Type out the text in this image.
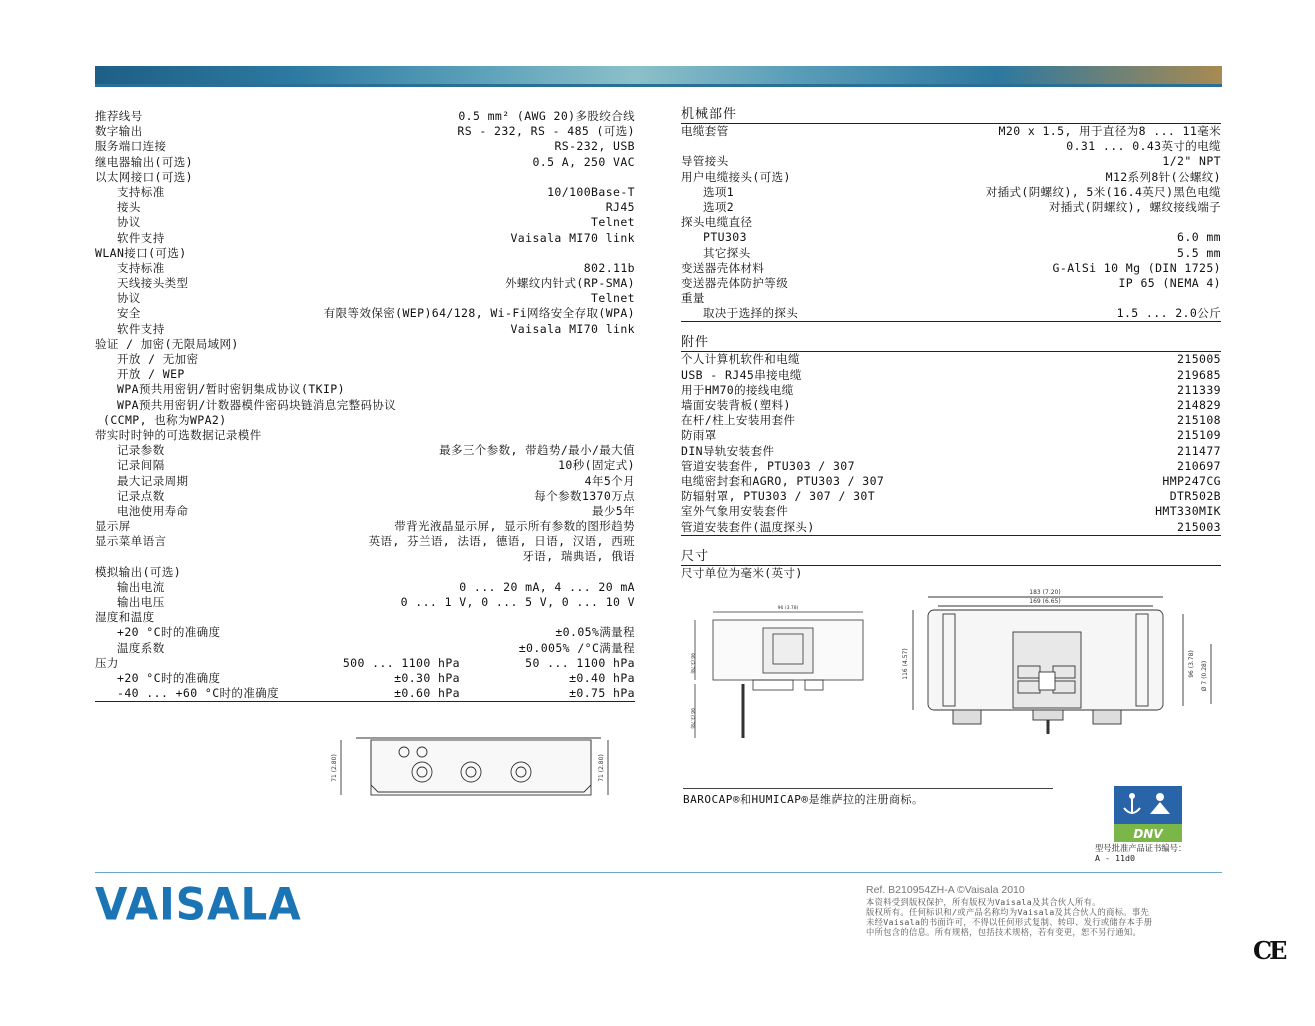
推荐线号	0.5 mm² (AWG 20)多股绞合线
数字输出	RS - 232, RS - 485 (可选)
服务端口连接	RS-232, USB
继电器输出(可选)	0.5 A, 250 VAC
以太网接口(可选)
支持标准	10/100Base-T
接头	RJ45
协议	Telnet
软件支持	Vaisala MI70 link
WLAN接口(可选)
支持标准	802.11b
天线接头类型	外螺纹内针式(RP-SMA)
协议	Telnet
安全	有限等效保密(WEP)64/128, Wi-Fi网络安全存取(WPA)
软件支持	Vaisala MI70 link
验证 / 加密(无限局域网)
开放 / 无加密
开放 / WEP
WPA预共用密钥/暂时密钥集成协议(TKIP)
WPA预共用密钥/计数器模件密码块链消息完整码协议
(CCMP, 也称为WPA2)
带实时时钟的可选数据记录模件
记录参数	最多三个参数, 带趋势/最小/最大值
记录间隔	10秒(固定式)
最大记录周期	4年5个月
记录点数	每个参数1370万点
电池使用寿命	最少5年
显示屏	带背光液晶显示屏, 显示所有参数的图形趋势
显示菜单语言	英语, 芬兰语, 法语, 德语, 日语, 汉语, 西班
牙语, 瑞典语, 俄语
模拟输出(可选)
输出电流	0 ... 20 mA, 4 ... 20 mA
输出电压	0 ... 1 V, 0 ... 5 V, 0 ... 10 V
湿度和温度
+20 °C时的准确度	±0.05%满量程
温度系数	±0.005% /°C满量程
压力	500 ... 1100 hPa	50 ... 1100 hPa
+20 °C时的准确度	±0.30 hPa	±0.40 hPa
-40 ... +60 °C时的准确度	±0.60 hPa	±0.75 hPa
机械部件
电缆套管	M20 x 1.5, 用于直径为8 ... 11毫米
0.31 ... 0.43英寸的电缆
导管接头	1/2" NPT
用户电缆接头(可选)	M12系列8针(公螺纹)
选项1	对插式(阴螺纹), 5米(16.4英尺)黑色电缆
选项2	对插式(阴螺纹), 螺纹接线端子
探头电缆直径
PTU303	6.0 mm
其它探头	5.5 mm
变送器壳体材料	G-AlSi 10 Mg (DIN 1725)
变送器壳体防护等级	IP 65 (NEMA 4)
重量
取决于选择的探头	1.5 ... 2.0公斤
附件
个人计算机软件和电缆	215005
USB - RJ45串接电缆	219685
用于HM70的接线电缆	211339
墙面安装背板(塑料)	214829
在杆/柱上安装用套件	215108
防雨罩	215109
DIN导轨安装套件	211477
管道安装套件, PTU303 / 307	210697
电缆密封套和AGRO, PTU303 / 307	HMP247CG
防辐射罩, PTU303 / 307 / 30T	DTR502B
室外气象用安装套件	HMT330MIK
管道安装套件(温度探头)	215003
尺寸
尺寸单位为毫米(英寸)
96 (3.78)
96 (3.78)
96 (3.78)
183 (7.20)
169 (6.65)
116 (4.57)	96 (3.78) Ø 7 (0.28)
71 (2.80)	71 (2.80)
BAROCAP®和HUMICAP®是维萨拉的注册商标。
DNV
型号批准产品证书编号：
A - 11d0
VAISALA	Ref. B210954ZH-A ©Vaisala 2010
本资料受到版权保护，所有版权为Vaisala及其合伙人所有。
版权所有。任何标识和/或产品名称均为Vaisala及其合伙人的商标。事先
未经Vaisala的书面许可，不得以任何形式复制、转印、发行或储存本手册
中所包含的信息。所有规格，包括技术规格，若有变更，恕不另行通知。
CE
